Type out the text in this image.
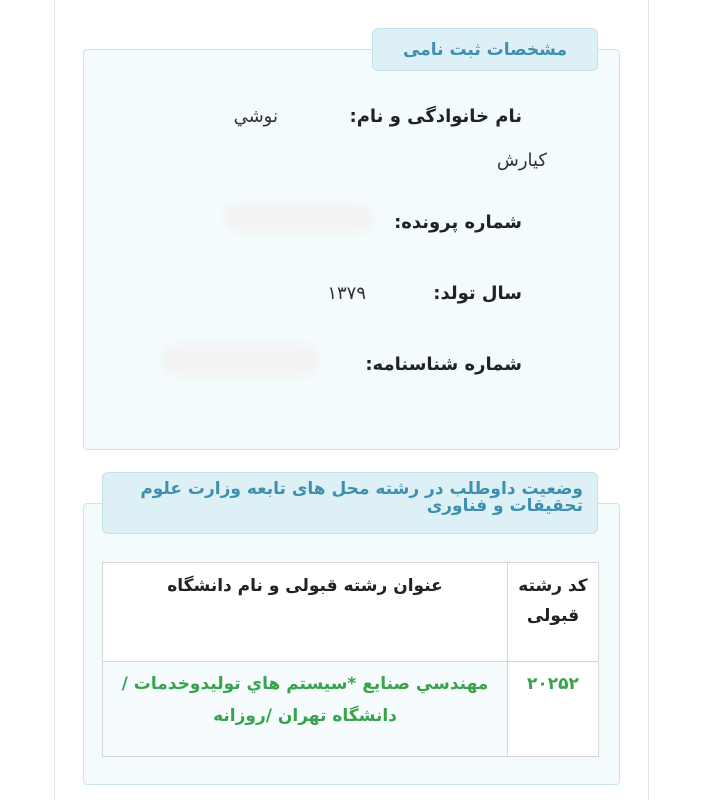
مشخصات ثبت نامی
نام خانوادگی و نام:
نوشي
كيارش
شماره پرونده:
سال تولد:
۱۳۷۹
شماره شناسنامه:
وضعيت داوطلب در رشته محل های تابعه وزارت علوم تحقيقات و فناوری
كد رشته قبولی	عنوان رشته قبولی و نام دانشگاه
۲۰۲۵۲	مهندسي صنايع *سيستم هاي توليدوخدمات /دانشگاه تهران /روزانه
